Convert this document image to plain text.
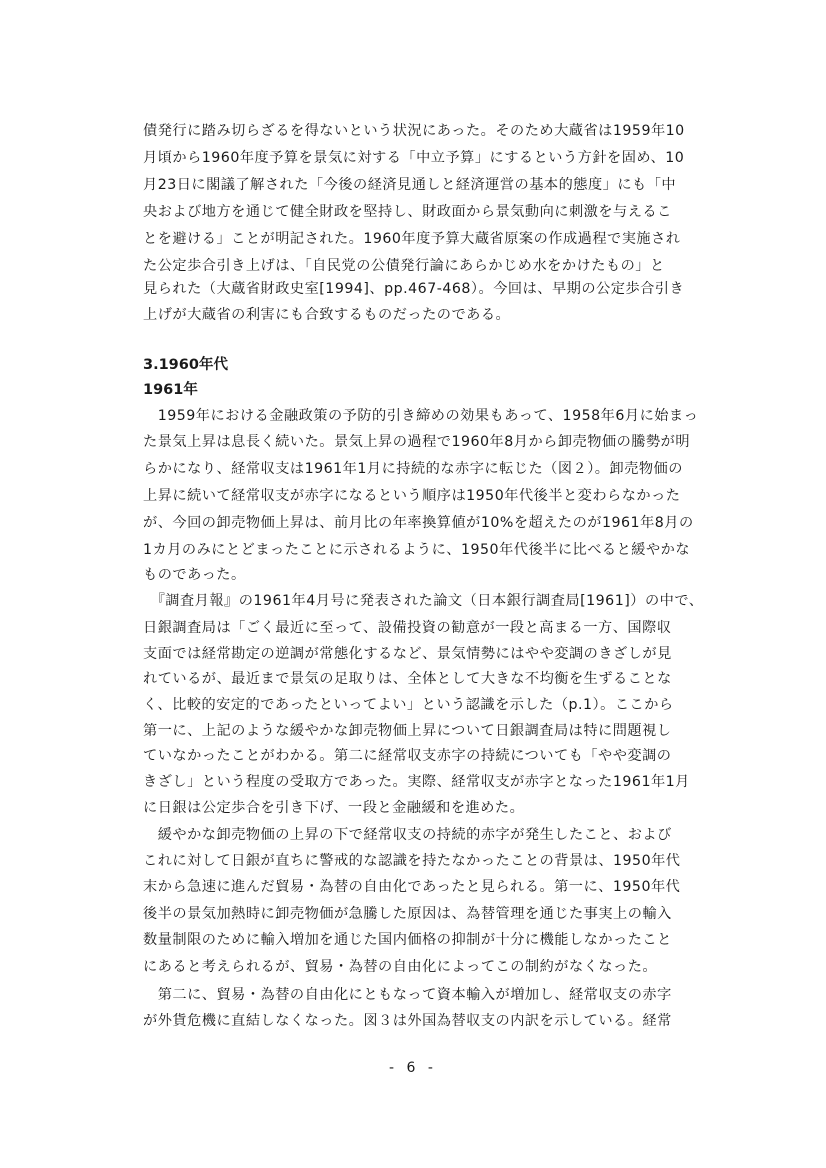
債発行に踏み切らざるを得ないという状況にあった。そのため大蔵省は1959年10
月頃から1960年度予算を景気に対する「中立予算」にするという方針を固め、10
月23日に閣議了解された「今後の経済見通しと経済運営の基本的態度」にも「中
央および地方を通じて健全財政を堅持し、財政面から景気動向に刺激を与えるこ
とを避ける」ことが明記された。1960年度予算大蔵省原案の作成過程で実施され
た公定歩合引き上げは、「自民党の公債発行論にあらかじめ水をかけたもの」と
見られた（大蔵省財政史室[1994]、pp.467-468）。今回は、早期の公定歩合引き
上げが大蔵省の利害にも合致するものだったのである。
3.1960年代
1961年
　1959年における金融政策の予防的引き締めの効果もあって、1958年6月に始まっ
た景気上昇は息長く続いた。景気上昇の過程で1960年8月から卸売物価の騰勢が明
らかになり、経常収支は1961年1月に持続的な赤字に転じた（図２）。卸売物価の
上昇に続いて経常収支が赤字になるという順序は1950年代後半と変わらなかった
が、今回の卸売物価上昇は、前月比の年率換算値が10%を超えたのが1961年8月の
1カ月のみにとどまったことに示されるように、1950年代後半に比べると緩やかな
ものであった。
　『調査月報』の1961年4月号に発表された論文（日本銀行調査局[1961]）の中で、
日銀調査局は「ごく最近に至って、設備投資の勧意が一段と高まる一方、国際収
支面では経常勘定の逆調が常態化するなど、景気情勢にはやや変調のきざしが見
れているが、最近まで景気の足取りは、全体として大きな不均衡を生ずることな
く、比較的安定的であったといってよい」という認識を示した（p.1）。ここから
第一に、上記のような緩やかな卸売物価上昇について日銀調査局は特に問題視し
ていなかったことがわかる。第二に経常収支赤字の持続についても「やや変調の
きざし」という程度の受取方であった。実際、経常収支が赤字となった1961年1月
に日銀は公定歩合を引き下げ、一段と金融緩和を進めた。
　緩やかな卸売物価の上昇の下で経常収支の持続的赤字が発生したこと、および
これに対して日銀が直ちに警戒的な認識を持たなかったことの背景は、1950年代
末から急速に進んだ貿易・為替の自由化であったと見られる。第一に、1950年代
後半の景気加熱時に卸売物価が急騰した原因は、為替管理を通じた事実上の輸入
数量制限のために輸入増加を通じた国内価格の抑制が十分に機能しなかったこと
にあると考えられるが、貿易・為替の自由化によってこの制約がなくなった。
　第二に、貿易・為替の自由化にともなって資本輸入が増加し、経常収支の赤字
が外貨危機に直結しなくなった。図３は外国為替収支の内訳を示している。経常
- 6 -
